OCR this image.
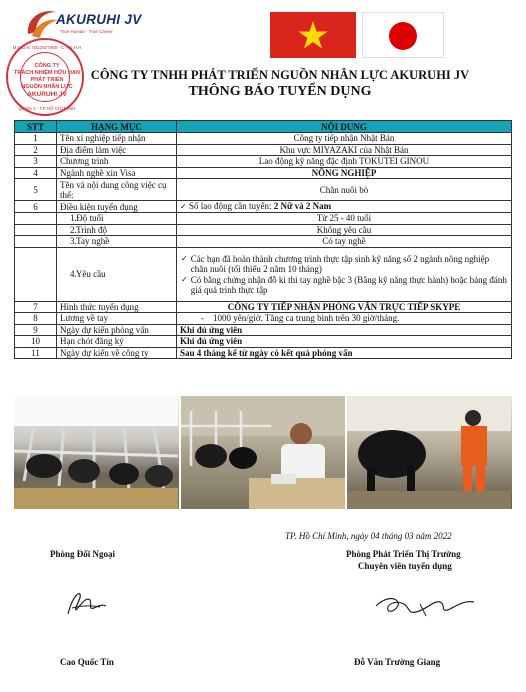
AKURUHI JV
True Human - True Career
M.S.D.N: 0312927985 - C.T.N.H.H
CÔNG TY
TRÁCH NHIỆM HỮU HẠN
PHÁT TRIỂN
NGUỒN NHÂN LỰC
AKURUHI JV
QUẬN 1 - T.P HỒ CHÍ MINH
CÔNG TY TNHH PHÁT TRIỂN NGUỒN NHÂN LỰC AKURUHI JV
THÔNG BÁO TUYỂN DỤNG
STT	HẠNG MỤC	NỘI DUNG
1	Tên xí nghiệp tiếp nhận	Công ty tiếp nhận Nhật Bản
2	Địa điểm làm việc	Khu vực MIYAZAKI của Nhật Bản
3	Chương trình	Lao động kỹ năng đặc định TOKUTEI GINOU
4	Ngành nghề xin Visa	NÔNG NGHIỆP
5	Tên và nội dung công việc cụ thể:	Chăn nuôi bò
6	Điều kiện tuyển dụng	✓ Số lao động cần tuyển: 2 Nữ và 2 Nam
	1. Độ tuổi	Từ 25 - 40 tuổi
	2. Trình độ	Không yêu cầu
	3. Tay nghề	Có tay nghề
	4. Yêu cầu	✓ Các bạn đã hoàn thành chương trình thực tập sinh kỹ năng số 2 ngành nông nghiệp chăn nuôi (tối thiểu 2 năm 10 tháng)
✓ Có bằng chứng nhận đỗ kì thi tay nghề bậc 3 (Bằng kỹ năng thực hành) hoặc bảng đánh giá quá trình thực tập

7	Hình thức tuyển dụng	CÔNG TY TIẾP NHẬN PHỎNG VẤN TRỰC TIẾP SKYPE
8	Lương về tay	- 1000 yên/giờ. Tăng ca trung bình trên 30 giờ/tháng.
9	Ngày dự kiến phỏng vấn	Khi đủ ứng viên
10	Hạn chót đăng ký	Khi đủ ứng viên
11	Ngày dự kiến về công ty	Sau 4 tháng kể từ ngày có kết quả phỏng vấn
TP. Hồ Chí Minh, ngày 04 tháng 03 năm 2022
Phòng Đối Ngoại	Phòng Phát Triển Thị Trường
Chuyên viên tuyển dụng
Cao Quốc Tín	Đỗ Văn Trường Giang
